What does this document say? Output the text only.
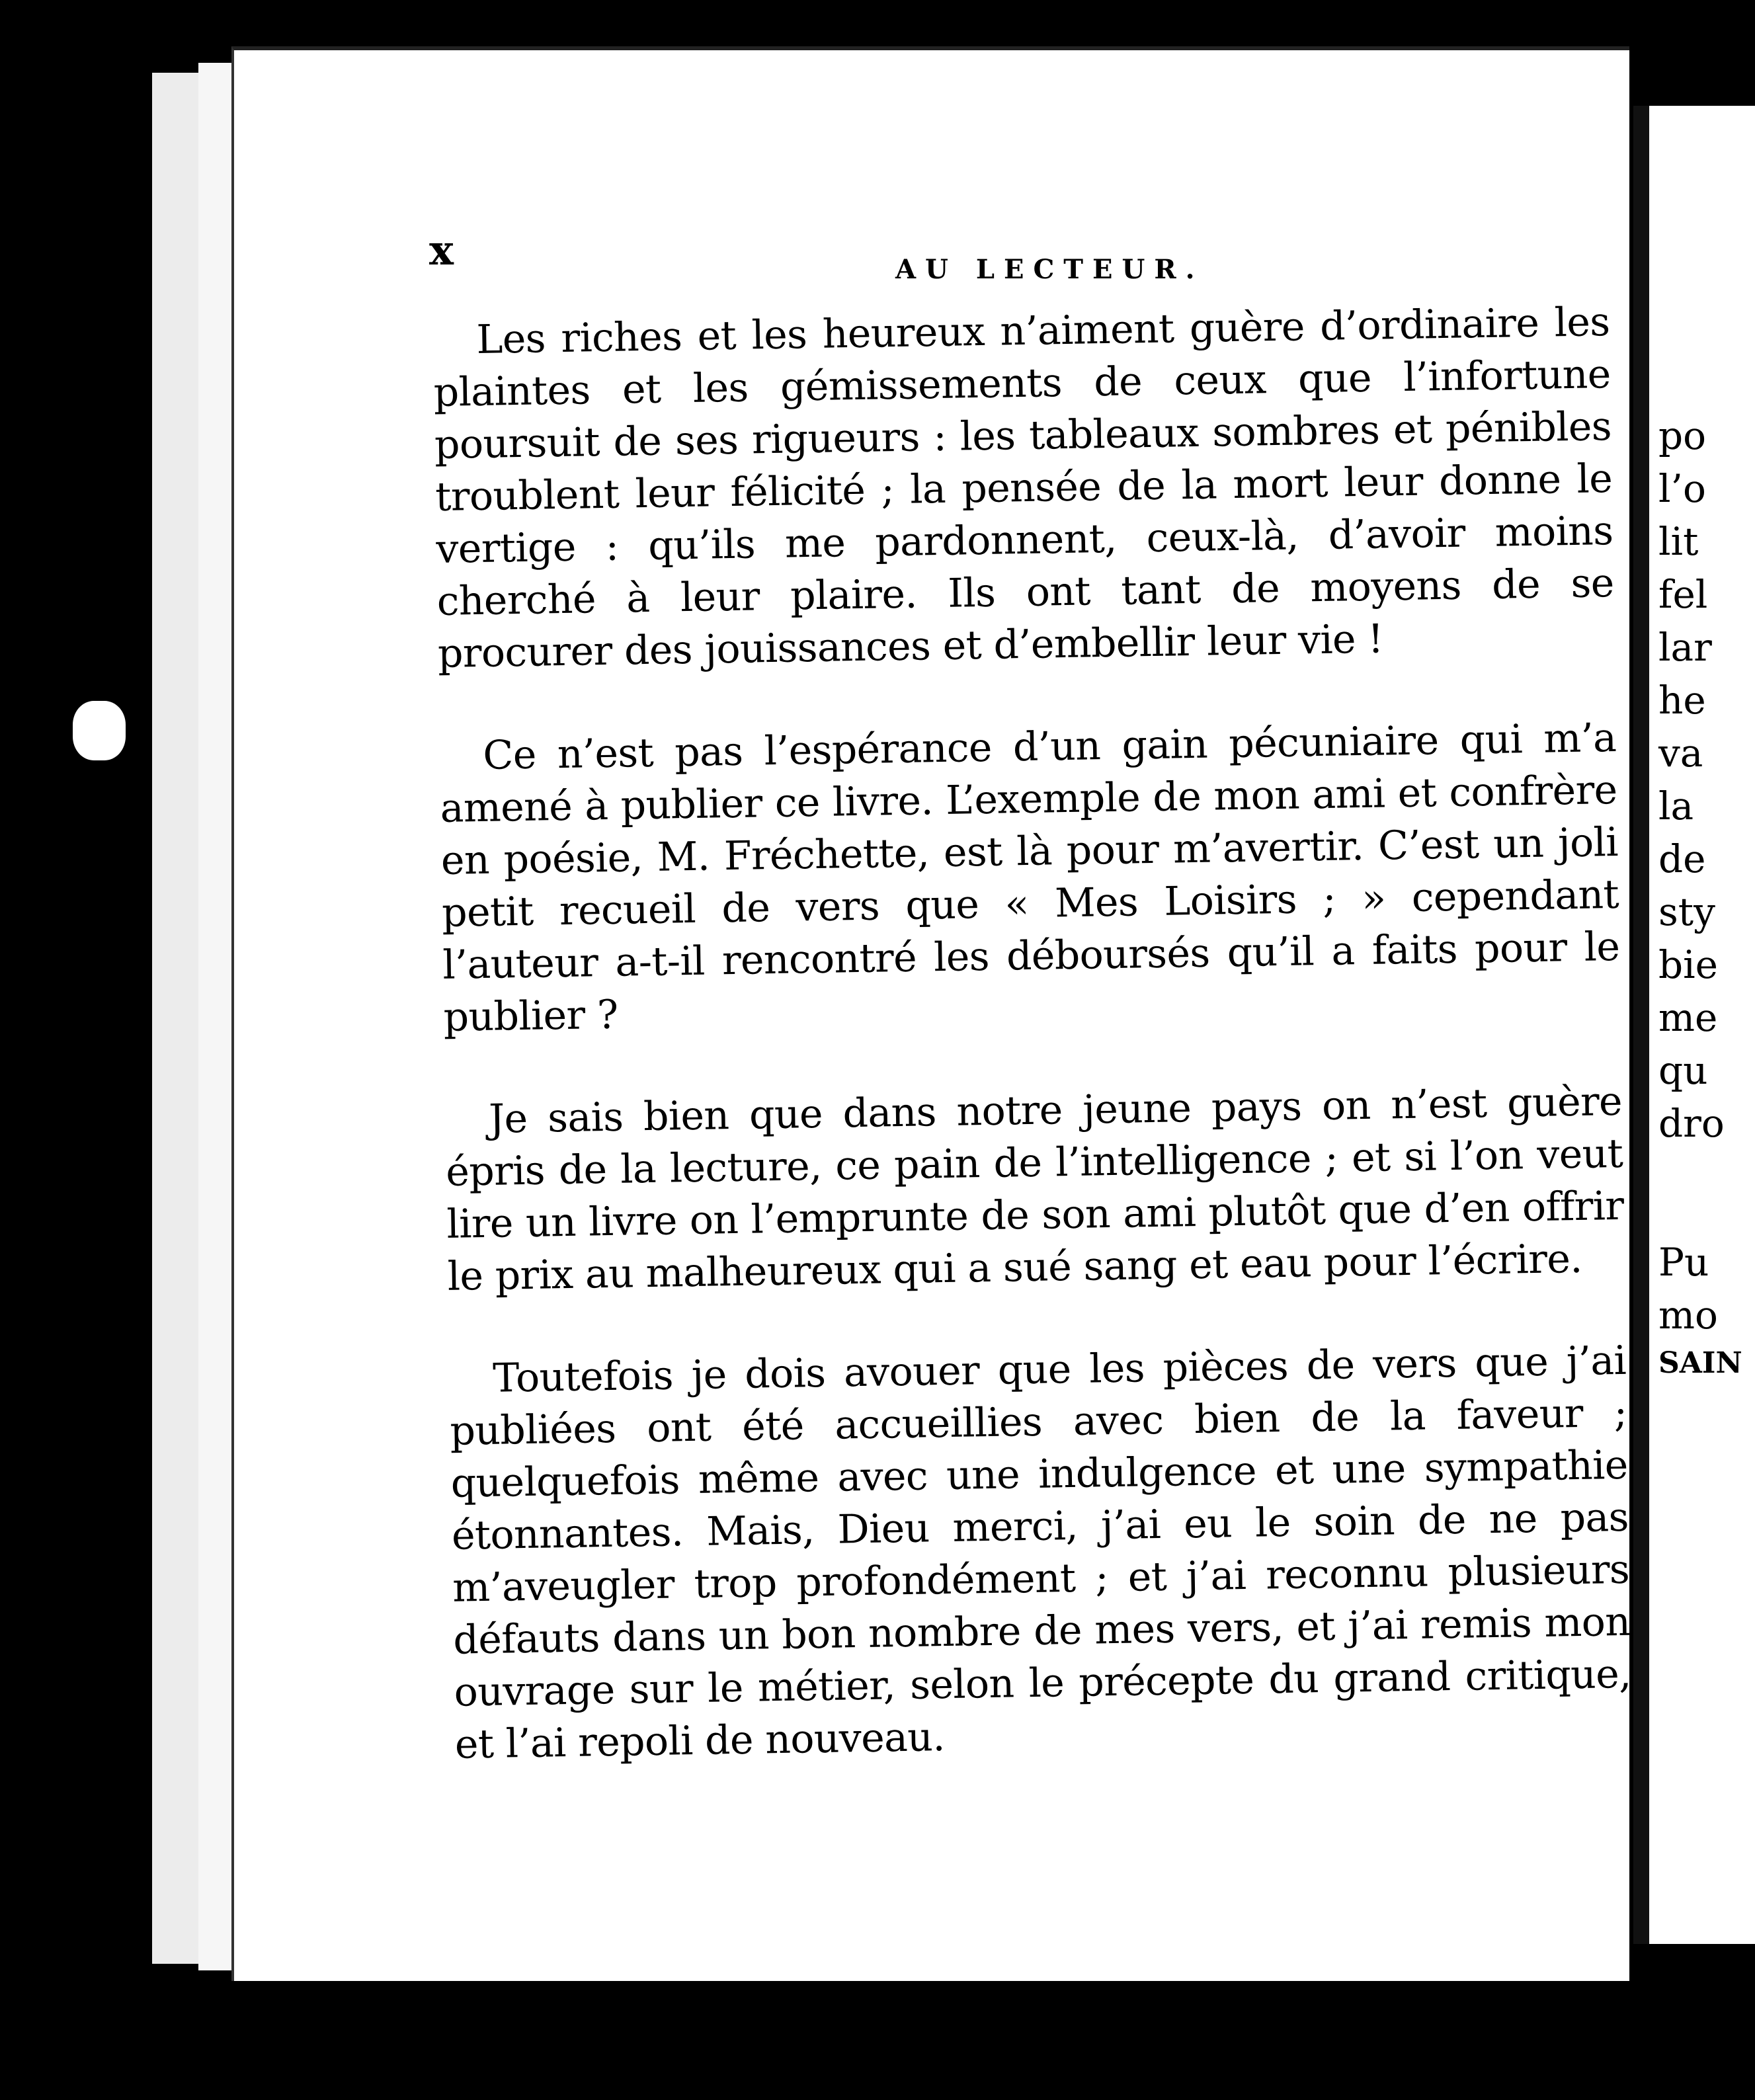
x	AU LECTEUR.

Les riches et les heureux n’aiment guère d’ordinaire les plaintes et les gémissements de ceux que l’infortune poursuit de ses rigueurs : les tableaux sombres et pénibles troublent leur félicité ; la pensée de la mort leur donne le vertige : qu’ils me pardonnent, ceux-là, d’avoir moins cherché à leur plaire. Ils ont tant de moyens de se procurer des jouissances et d’embellir leur vie !

Ce n’est pas l’espérance d’un gain pécuniaire qui m’a amené à publier ce livre. L’exemple de mon ami et confrère en poésie, M. Fréchette, est là pour m’avertir. C’est un joli petit recueil de vers que « Mes Loisirs ; » cependant l’auteur a-t-il rencontré les déboursés qu’il a faits pour le publier ?

Je sais bien que dans notre jeune pays on n’est guère épris de la lecture, ce pain de l’intelligence ; et si l’on veut lire un livre on l’emprunte de son ami plutôt que d’en offrir le prix au malheureux qui a sué sang et eau pour l’écrire.

Toutefois je dois avouer que les pièces de vers que j’ai publiées ont été accueillies avec bien de la faveur ; quelquefois même avec une indulgence et une sympathie étonnantes. Mais, Dieu merci, j’ai eu le soin de ne pas m’aveugler trop profondément ; et j’ai reconnu plusieurs défauts dans un bon nombre de mes vers, et j’ai remis mon ouvrage sur le métier, selon le précepte du grand critique, et l’ai repoli de nouveau.

po
l’o
lit
fel
lar
he
va
la
de
sty
bie
me
qu
dro
Pu
mo
SAIN
